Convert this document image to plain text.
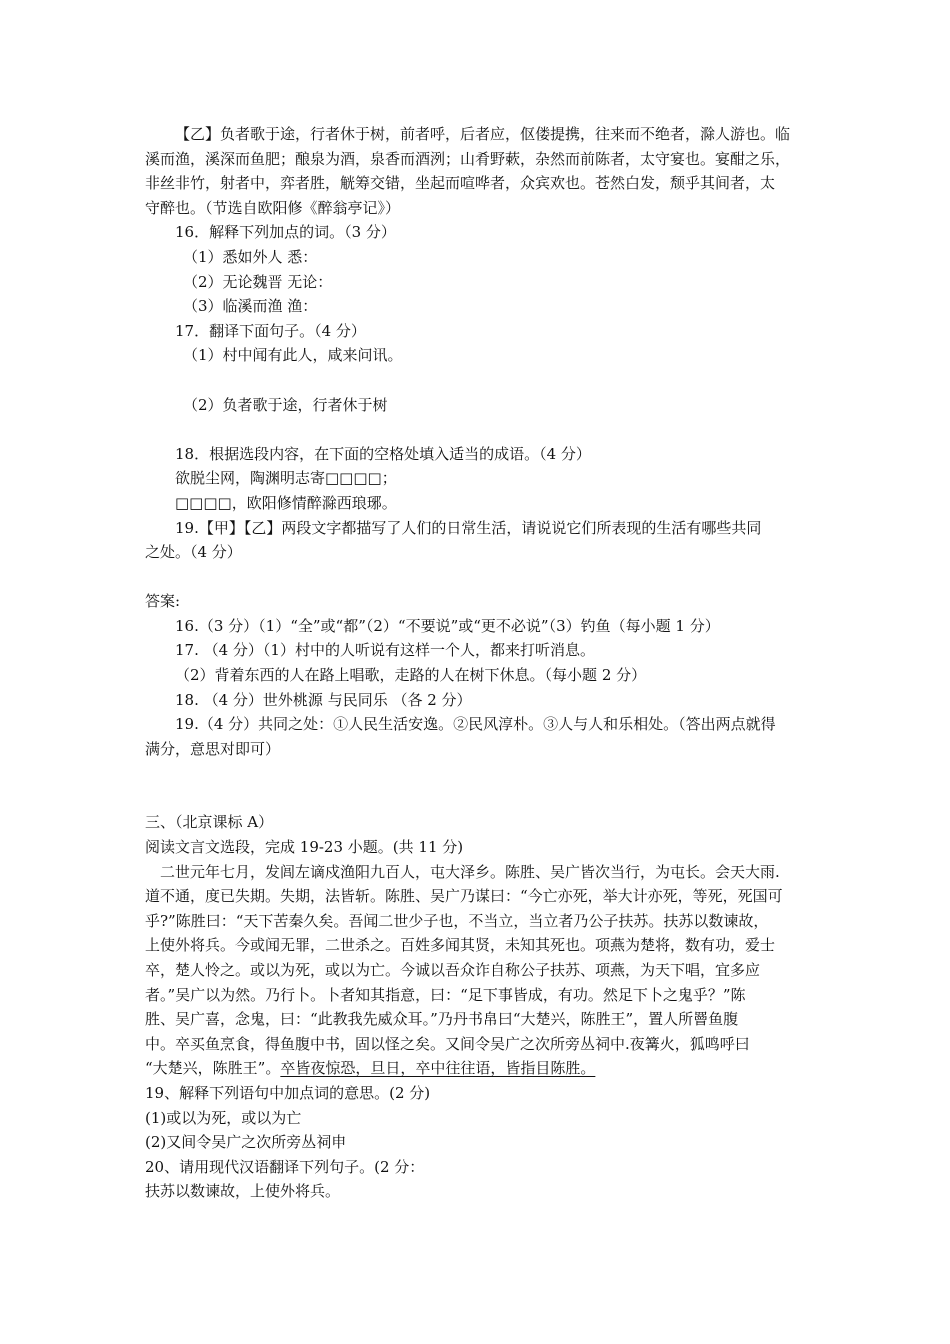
【乙】负者歌于途，行者休于树，前者呼，后者应，伛偻提携，往来而不绝者，滁人游也。临
溪而渔，溪深而鱼肥；酿泉为酒，泉香而酒洌；山肴野蔌，杂然而前陈者，太守宴也。宴酣之乐，
非丝非竹，射者中，弈者胜，觥筹交错，坐起而喧哗者，众宾欢也。苍然白发，颓乎其间者，太
守醉也。（节选自欧阳修《醉翁亭记》）
16．解释下列加点的词。（3 分）
（1）悉如外人 悉：
（2）无论魏晋 无论：
（3）临溪而渔 渔：
17．翻译下面句子。（4 分）
（1）村中闻有此人，咸来问讯。
（2）负者歌于途，行者休于树
18．根据选段内容，在下面的空格处填入适当的成语。（4 分）
欲脱尘网，陶渊明志寄□□□□；
□□□□，欧阳修情醉滁西琅琊。
19.【甲】【乙】两段文字都描写了人们的日常生活，请说说它们所表现的生活有哪些共同
之处。（4 分）
答案:
16.（3 分）（1）“全”或“都”（2）“不要说”或“更不必说”（3）钓鱼（每小题 1 分）
17. （4 分）（1）村中的人听说有这样一个人，都来打听消息。
（2）背着东西的人在路上唱歌，走路的人在树下休息。（每小题 2 分）
18. （4 分）世外桃源 与民同乐 （各 2 分）
19.（4 分）共同之处：①人民生活安逸。②民风淳朴。③人与人和乐相处。（答出两点就得
满分，意思对即可）
三、（北京课标 A）
阅读文言文选段，完成 19-23 小题。(共 11 分)
二世元年七月，发闾左谪戍渔阳九百人，屯大泽乡。陈胜、吴广皆次当行，为屯长。会天大雨.
道不通，度已失期。失期，法皆斩。陈胜、吴广乃谋曰：“今亡亦死，举大计亦死，等死，死国可
乎?”陈胜曰：“天下苦秦久矣。吾闻二世少子也，不当立，当立者乃公子扶苏。扶苏以数谏故，
上使外将兵。今或闻无罪，二世杀之。百姓多闻其贤，未知其死也。项燕为楚将，数有功，爱士
卒，楚人怜之。或以为死，或以为亡。今诚以吾众诈自称公子扶苏、项燕，为天下唱，宜多应
者。”吴广以为然。乃行卜。卜者知其指意，曰：“足下事皆成，有功。然足下卜之鬼乎？”陈
胜、吴广喜，念鬼，曰：“此教我先威众耳。”乃丹书帛曰“大楚兴，陈胜王”，置人所罾鱼腹
中。卒买鱼烹食，得鱼腹中书，固以怪之矣。又间令吴广之次所旁丛祠中.夜篝火，狐鸣呼曰
“大楚兴，陈胜王”。卒皆夜惊恐，旦日，卒中往往语，皆指目陈胜。
19、解释下列语句中加点词的意思。(2 分)
(1)或以为死，或以为亡
(2)又间令吴广之次所旁丛祠申
20、请用现代汉语翻译下列句子。(2 分：
扶苏以数谏故，上使外将兵。
